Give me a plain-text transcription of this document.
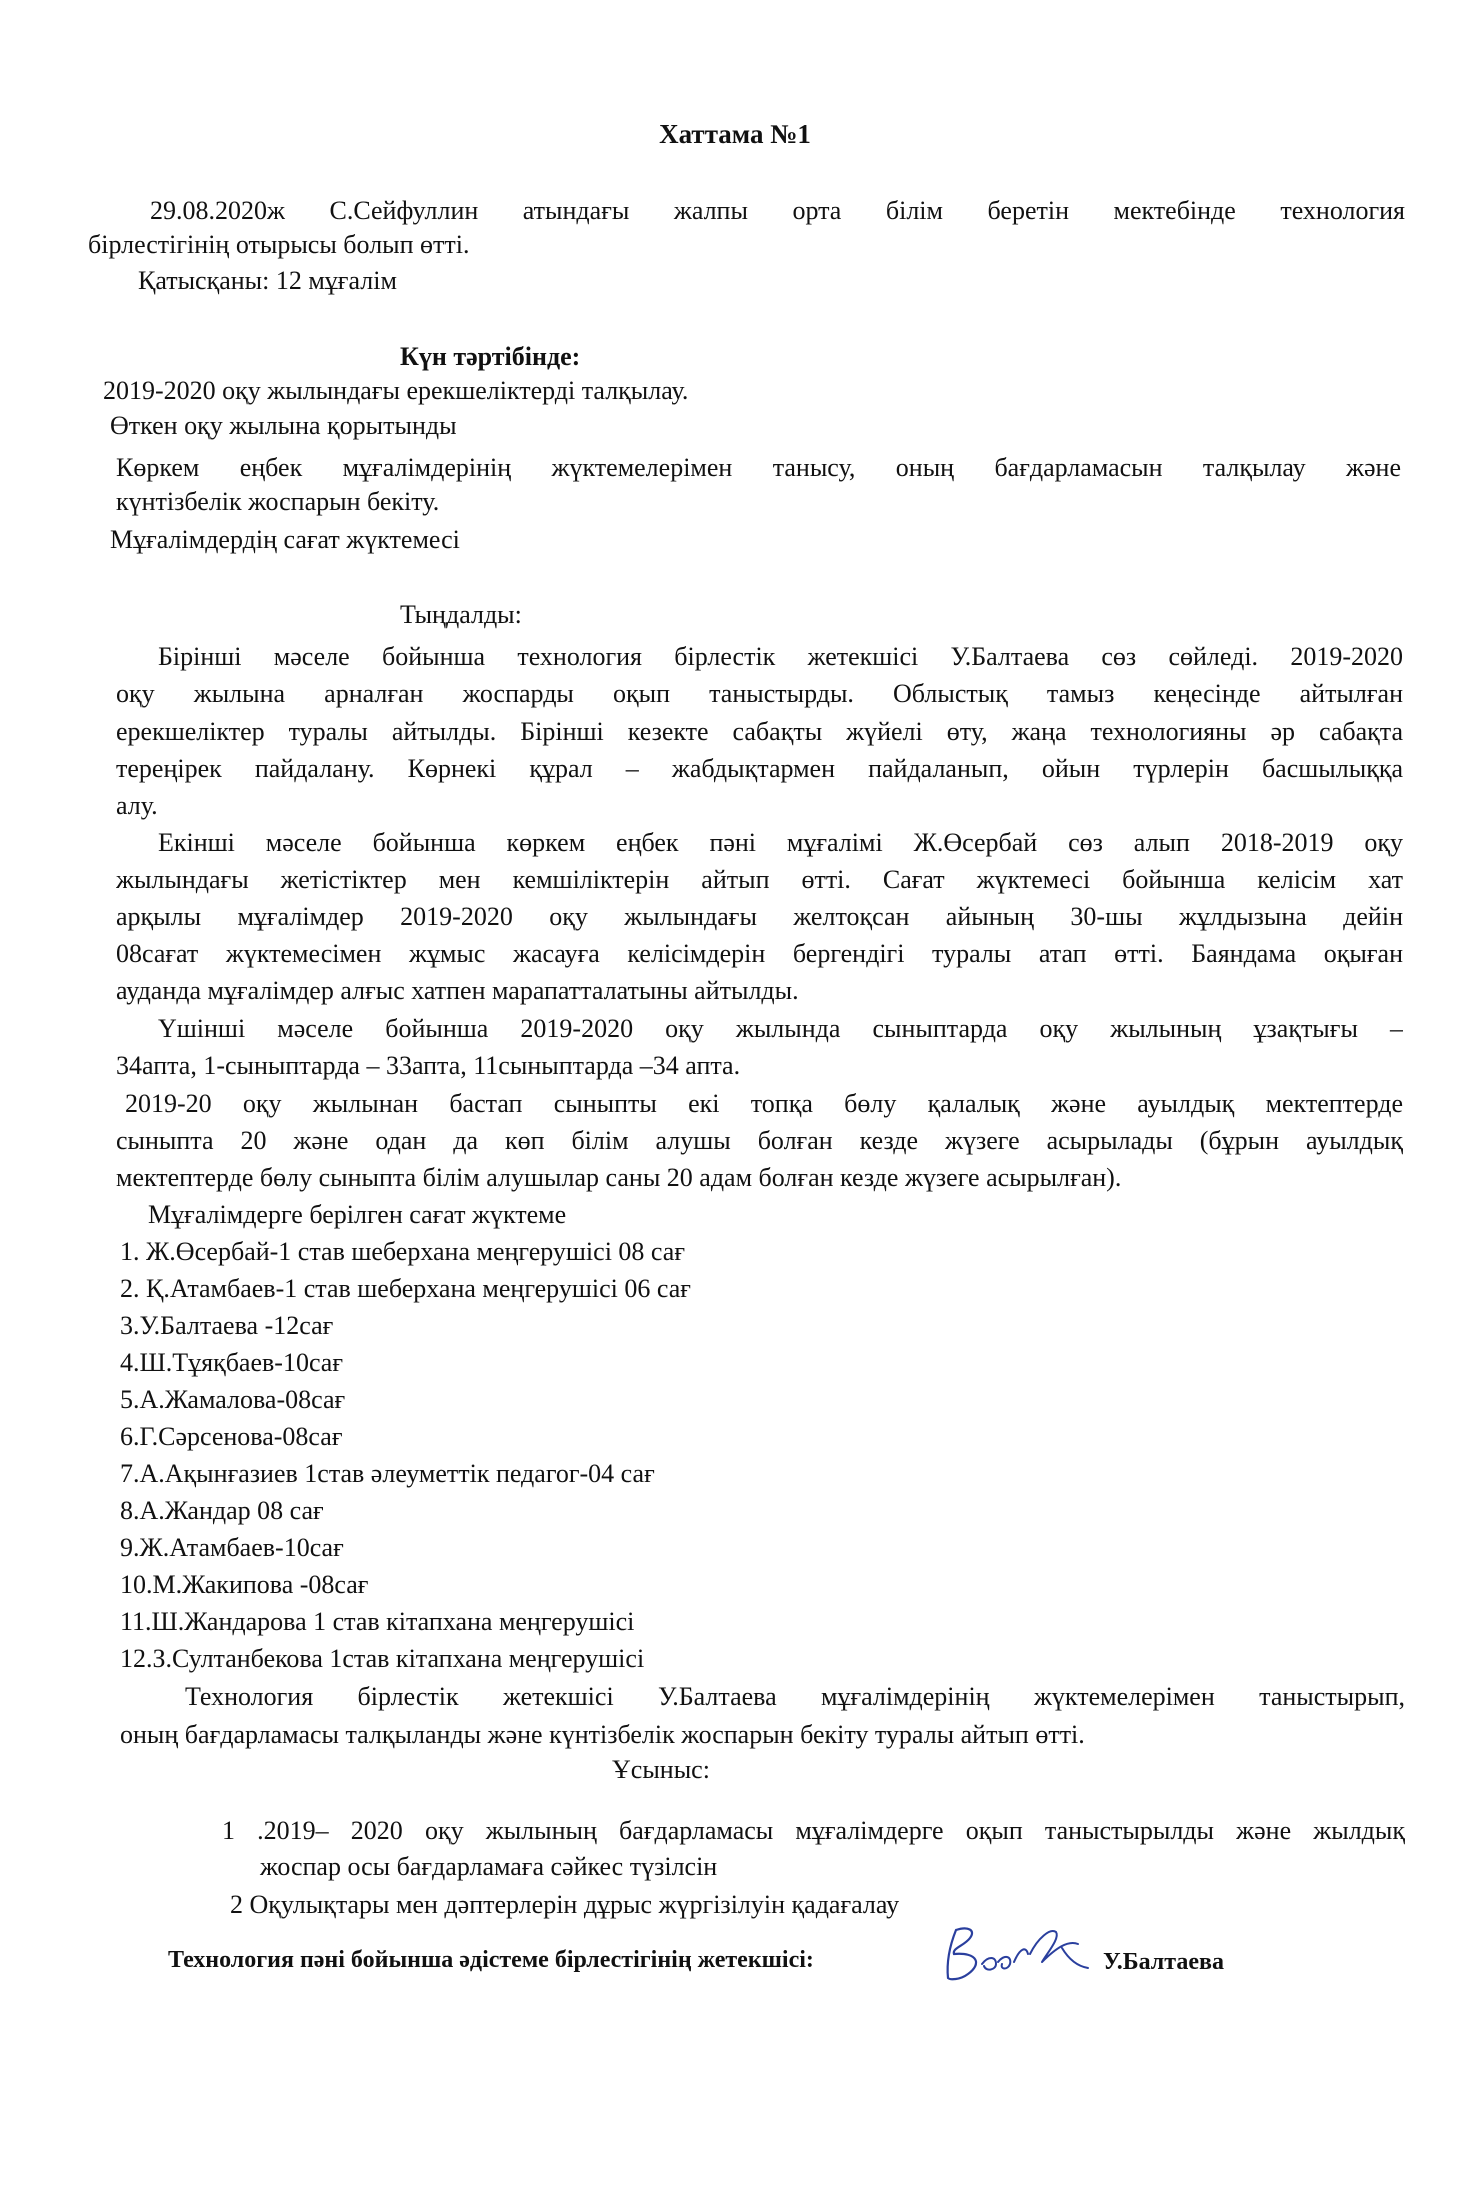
Хаттама №1

29.08.2020ж С.Сейфуллин атындағы жалпы орта білім беретін мектебінде технология

бірлестігінің отырысы болып өтті.

Қатысқаны: 12 мұғалім

Күн тәртібінде:

2019-2020 оқу жылындағы ерекшеліктерді талқылау.

Өткен оқу жылына қорытынды

Көркем еңбек мұғалімдерінің жүктемелерімен танысу, оның бағдарламасын талқылау және

күнтізбелік жоспарын бекіту.

Мұғалімдердің сағат жүктемесі

Тыңдалды:

Бірінші мәселе бойынша технология бірлестік жетекшісі У.Балтаева сөз сөйледі. 2019-2020

оқу жылына арналған жоспарды оқып таныстырды. Облыстық тамыз кеңесінде айтылған

ерекшеліктер туралы айтылды. Бірінші кезекте сабақты жүйелі өту, жаңа технологияны әр сабақта

тереңірек пайдалану. Көрнекі құрал – жабдықтармен пайдаланып, ойын түрлерін басшылыққа

алу.

Екінші мәселе бойынша көркем еңбек пәні мұғалімі Ж.Өсербай сөз алып 2018-2019 оқу

жылындағы жетістіктер мен кемшіліктерін айтып өтті. Сағат жүктемесі бойынша келісім хат

арқылы мұғалімдер 2019-2020 оқу жылындағы желтоқсан айының 30-шы жұлдызына дейін

08сағат жүктемесімен жұмыс жасауға келісімдерін бергендігі туралы атап өтті. Баяндама оқыған

ауданда мұғалімдер алғыс хатпен марапатталатыны айтылды.

Үшінші мәселе бойынша 2019-2020 оқу жылында сыныптарда оқу жылының ұзақтығы –

34апта, 1-сыныптарда – 33апта, 11сыныптарда –34 апта.

2019-20 оқу жылынан бастап сыныпты екі топқа бөлу қалалық және ауылдық мектептерде

сыныпта 20 және одан да көп білім алушы болған кезде жүзеге асырылады (бұрын ауылдық

мектептерде бөлу сыныпта білім алушылар саны 20 адам болған кезде жүзеге асырылған).

Мұғалімдерге берілген сағат жүктеме

1. Ж.Өсербай-1 став шеберхана меңгерушісі 08 сағ

2. Қ.Атамбаев-1 став шеберхана меңгерушісі 06 сағ

3.У.Балтаева -12сағ

4.Ш.Тұяқбаев-10сағ

5.А.Жамалова-08сағ

6.Г.Сәрсенова-08сағ

7.А.Ақынғазиев 1став әлеуметтік педагог-04 сағ

8.А.Жандар 08 сағ

9.Ж.Атамбаев-10сағ

10.М.Жакипова -08сағ

11.Ш.Жандарова 1 став кітапхана меңгерушісі

12.З.Султанбекова 1став кітапхана меңгерушісі

Технология бірлестік жетекшісі У.Балтаева мұғалімдерінің жүктемелерімен таныстырып,

оның бағдарламасы талқыланды және күнтізбелік жоспарын бекіту туралы айтып өтті.

Ұсыныс:

1 .2019– 2020 оқу жылының бағдарламасы мұғалімдерге оқып таныстырылды және жылдық

жоспар осы бағдарламаға сәйкес түзілсін

2 Оқулықтары мен дәптерлерін дұрыс жүргізілуін қадағалау

Технология пәні бойынша әдістеме бірлестігінің жетекшісі:	У.Балтаева
